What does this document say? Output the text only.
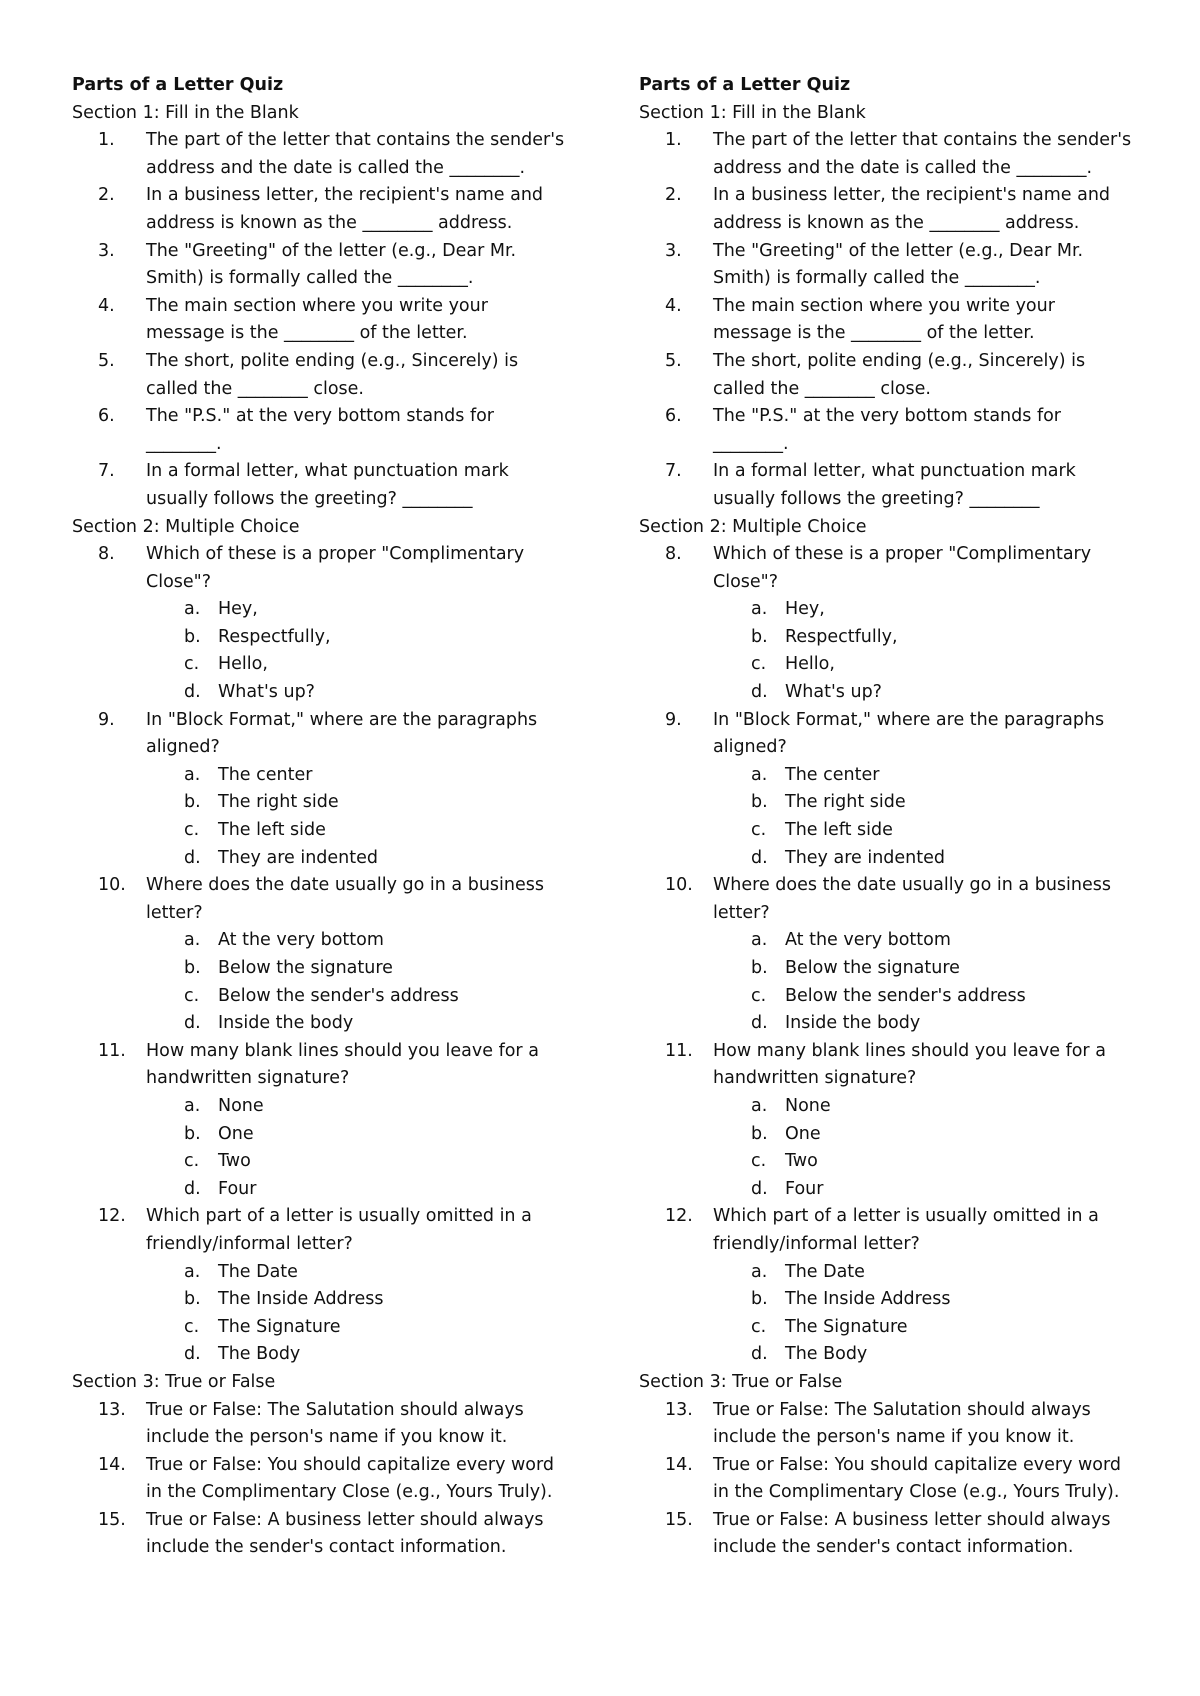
Parts of a Letter Quiz
Section 1: Fill in the Blank
1. The part of the letter that contains the sender's address and the date is called the ________.
2. In a business letter, the recipient's name and address is known as the ________ address.
3. The "Greeting" of the letter (e.g., Dear Mr. Smith) is formally called the ________.
4. The main section where you write your message is the ________ of the letter.
5. The short, polite ending (e.g., Sincerely) is called the ________ close.
6. The "P.S." at the very bottom stands for ________.
7. In a formal letter, what punctuation mark usually follows the greeting? ________
Section 2: Multiple Choice
8. Which of these is a proper "Complimentary Close"?
a. Hey,
b. Respectfully,
c. Hello,
d. What's up?
9. In "Block Format," where are the paragraphs aligned?
a. The center
b. The right side
c. The left side
d. They are indented
10. Where does the date usually go in a business letter?
a. At the very bottom
b. Below the signature
c. Below the sender's address
d. Inside the body
11. How many blank lines should you leave for a handwritten signature?
a. None
b. One
c. Two
d. Four
12. Which part of a letter is usually omitted in a friendly/informal letter?
a. The Date
b. The Inside Address
c. The Signature
d. The Body
Section 3: True or False
13. True or False: The Salutation should always include the person's name if you know it.
14. True or False: You should capitalize every word in the Complimentary Close (e.g., Yours Truly).
15. True or False: A business letter should always include the sender's contact information.
Parts of a Letter Quiz
Section 1: Fill in the Blank
1. The part of the letter that contains the sender's address and the date is called the ________.
2. In a business letter, the recipient's name and address is known as the ________ address.
3. The "Greeting" of the letter (e.g., Dear Mr. Smith) is formally called the ________.
4. The main section where you write your message is the ________ of the letter.
5. The short, polite ending (e.g., Sincerely) is called the ________ close.
6. The "P.S." at the very bottom stands for ________.
7. In a formal letter, what punctuation mark usually follows the greeting? ________
Section 2: Multiple Choice
8. Which of these is a proper "Complimentary Close"?
a. Hey,
b. Respectfully,
c. Hello,
d. What's up?
9. In "Block Format," where are the paragraphs aligned?
a. The center
b. The right side
c. The left side
d. They are indented
10. Where does the date usually go in a business letter?
a. At the very bottom
b. Below the signature
c. Below the sender's address
d. Inside the body
11. How many blank lines should you leave for a handwritten signature?
a. None
b. One
c. Two
d. Four
12. Which part of a letter is usually omitted in a friendly/informal letter?
a. The Date
b. The Inside Address
c. The Signature
d. The Body
Section 3: True or False
13. True or False: The Salutation should always include the person's name if you know it.
14. True or False: You should capitalize every word in the Complimentary Close (e.g., Yours Truly).
15. True or False: A business letter should always include the sender's contact information.
